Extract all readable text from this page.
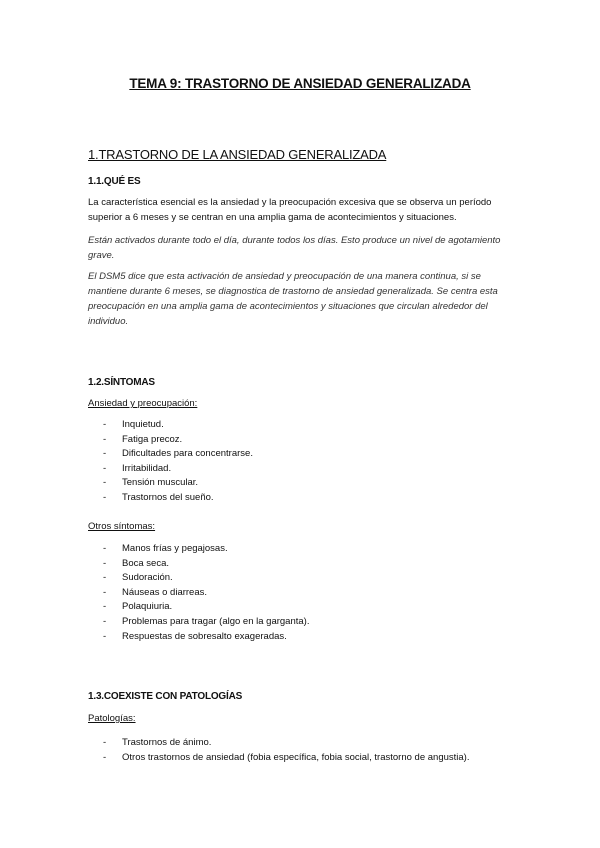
TEMA 9: TRASTORNO DE ANSIEDAD GENERALIZADA
1.TRASTORNO DE LA ANSIEDAD GENERALIZADA
1.1.QUÉ ES
La característica esencial es la ansiedad y la preocupación excesiva que se observa un período superior a 6 meses y se centran en una amplia gama de acontecimientos y situaciones.
Están activados durante todo el día, durante todos los días. Esto produce un nivel de agotamiento grave.
El DSM5 dice que esta activación de ansiedad y preocupación de una manera continua, si se mantiene durante 6 meses, se diagnostica de trastorno de ansiedad generalizada. Se centra esta preocupación en una amplia gama de acontecimientos y situaciones que circulan alrededor del individuo.
1.2.SÍNTOMAS
Ansiedad y preocupación:
- Inquietud.
- Fatiga precoz.
- Dificultades para concentrarse.
- Irritabilidad.
- Tensión muscular.
- Trastornos del sueño.
Otros síntomas:
- Manos frías y pegajosas.
- Boca seca.
- Sudoración.
- Náuseas o diarreas.
- Polaquiuria.
- Problemas para tragar (algo en la garganta).
- Respuestas de sobresalto exageradas.
1.3.COEXISTE CON PATOLOGÍAS
Patologías:
- Trastornos de ánimo.
- Otros trastornos de ansiedad (fobia específica, fobia social, trastorno de angustia).
